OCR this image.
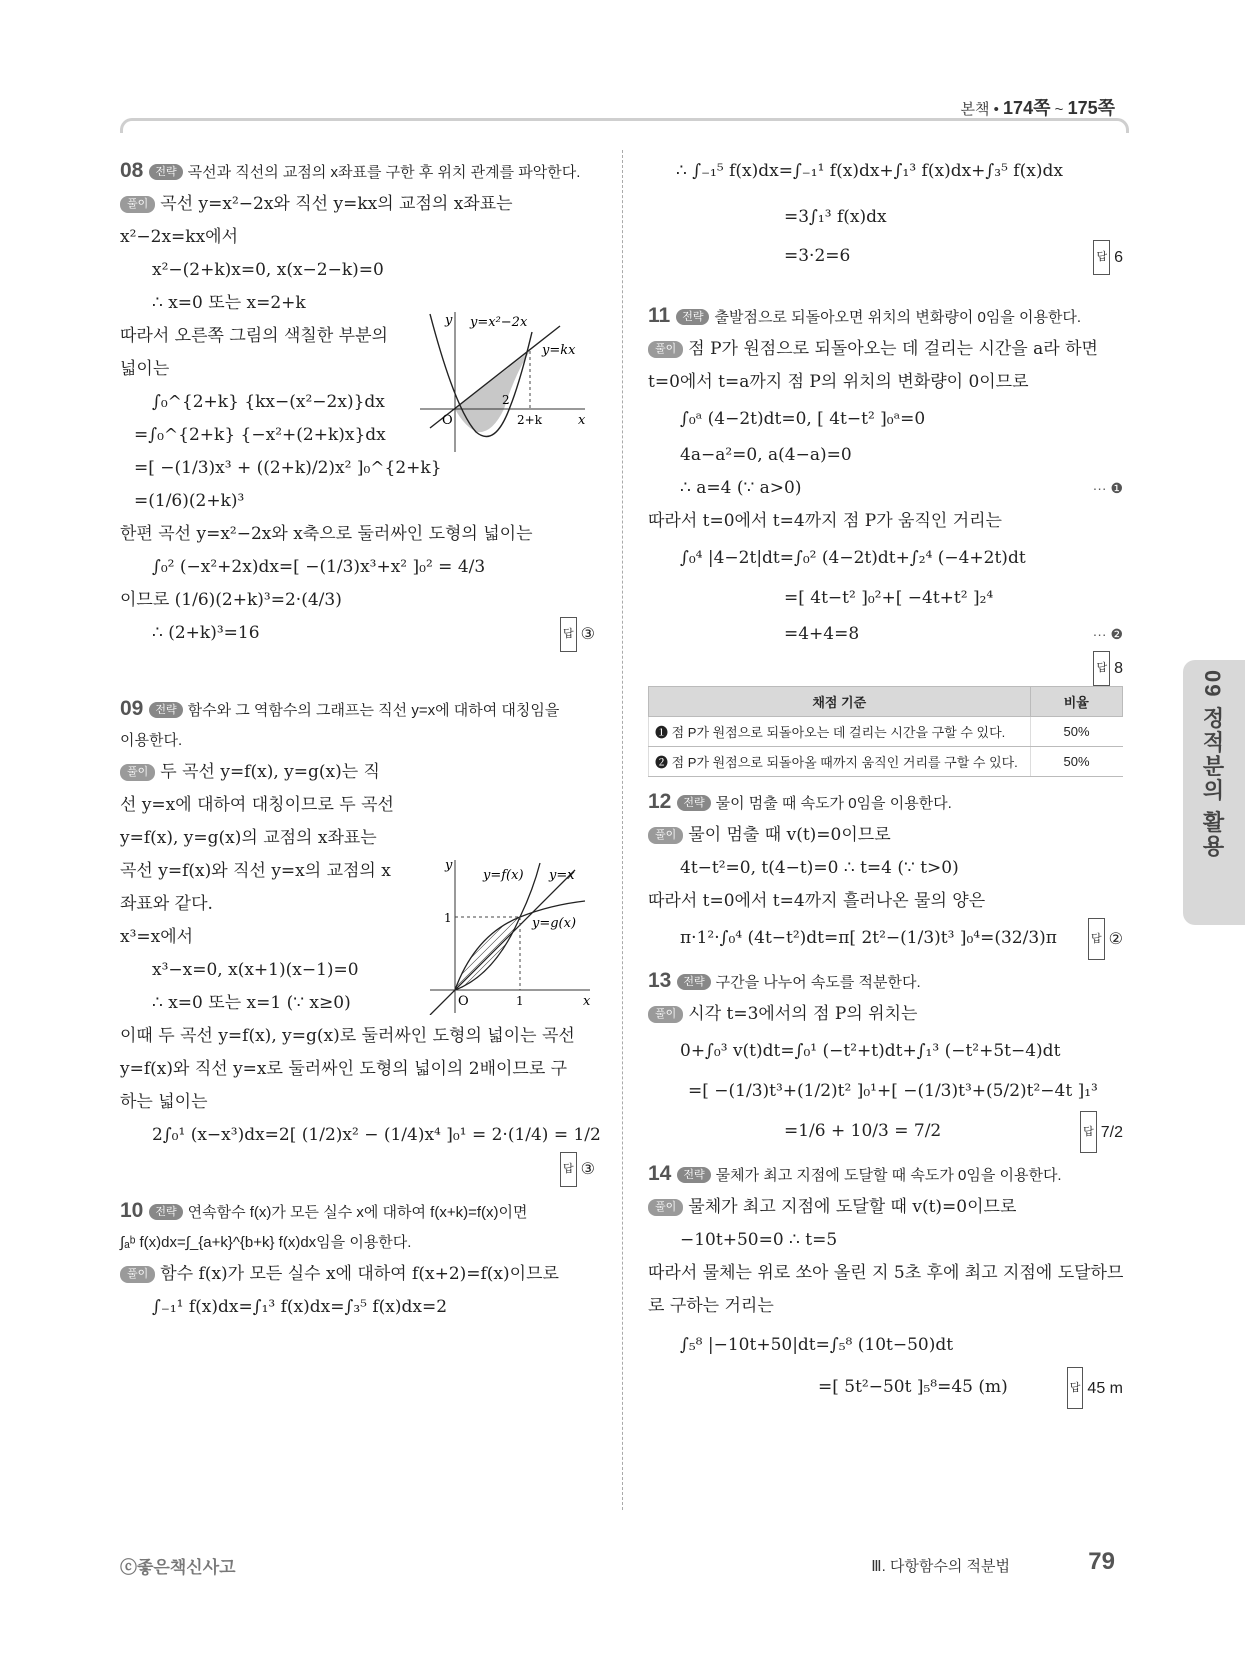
본책 • 174쪽 ~ 175쪽
08 전략 곡선과 직선의 교점의 x좌표를 구한 후 위치 관계를 파악한다.
풀이 곡선 y=x²−2x와 직선 y=kx의 교점의 x좌표는
x²−2x=kx에서
x²−(2+k)x=0, x(x−2−k)=0
∴ x=0 또는 x=2+k
따라서 오른쪽 그림의 색칠한 부분의
넓이는
∫₀^{2+k} {kx−(x²−2x)}dx
=∫₀^{2+k} {−x²+(2+k)x}dx
=[ −(1/3)x³ + ((2+k)/2)x² ]₀^{2+k}
=(1/6)(2+k)³
한편 곡선 y=x²−2x와 x축으로 둘러싸인 도형의 넓이는
∫₀² (−x²+2x)dx=[ −(1/3)x³+x² ]₀² = 4/3
이므로 (1/6)(2+k)³=2·(4/3)
∴ (2+k)³=16	답 ③
09 전략 함수와 그 역함수의 그래프는 직선 y=x에 대하여 대칭임을
이용한다.
풀이 두 곡선 y=f(x), y=g(x)는 직
선 y=x에 대하여 대칭이므로 두 곡선
y=f(x), y=g(x)의 교점의 x좌표는
곡선 y=f(x)와 직선 y=x의 교점의 x
좌표와 같다.
x³=x에서
x³−x=0, x(x+1)(x−1)=0
∴ x=0 또는 x=1 (∵ x≥0)
이때 두 곡선 y=f(x), y=g(x)로 둘러싸인 도형의 넓이는 곡선
y=f(x)와 직선 y=x로 둘러싸인 도형의 넓이의 2배이므로 구
하는 넓이는
2∫₀¹ (x−x³)dx=2[ (1/2)x² − (1/4)x⁴ ]₀¹ = 2·(1/4) = 1/2
답 ③
10 전략 연속함수 f(x)가 모든 실수 x에 대하여 f(x+k)=f(x)이면
∫ₐᵇ f(x)dx=∫_{a+k}^{b+k} f(x)dx임을 이용한다.
풀이 함수 f(x)가 모든 실수 x에 대하여 f(x+2)=f(x)이므로
∫₋₁¹ f(x)dx=∫₁³ f(x)dx=∫₃⁵ f(x)dx=2
y y=x²−2x
y=kx
O
2
2+k	x
y
y=f(x) y=x
y=g(x)
1
O	1	x
∴ ∫₋₁⁵ f(x)dx=∫₋₁¹ f(x)dx+∫₁³ f(x)dx+∫₃⁵ f(x)dx
=3∫₁³ f(x)dx
=3·2=6	답 6
11 전략 출발점으로 되돌아오면 위치의 변화량이 0임을 이용한다.
풀이 점 P가 원점으로 되돌아오는 데 걸리는 시간을 a라 하면
t=0에서 t=a까지 점 P의 위치의 변화량이 0이므로
∫₀ᵃ (4−2t)dt=0, [ 4t−t² ]₀ᵃ=0
4a−a²=0, a(4−a)=0
∴ a=4 (∵ a>0)	··· ❶
따라서 t=0에서 t=4까지 점 P가 움직인 거리는
∫₀⁴ |4−2t|dt=∫₀² (4−2t)dt+∫₂⁴ (−4+2t)dt
=[ 4t−t² ]₀²+[ −4t+t² ]₂⁴
=4+4=8	··· ❷
답 8
채점 기준	비율
❶ 점 P가 원점으로 되돌아오는 데 걸리는 시간을 구할 수 있다.	50%
❷ 점 P가 원점으로 되돌아올 때까지 움직인 거리를 구할 수 있다.	50%
12 전략 물이 멈출 때 속도가 0임을 이용한다.
풀이 물이 멈출 때 v(t)=0이므로
4t−t²=0, t(4−t)=0 ∴ t=4 (∵ t>0)
따라서 t=0에서 t=4까지 흘러나온 물의 양은
π·1²·∫₀⁴ (4t−t²)dt=π[ 2t²−(1/3)t³ ]₀⁴=(32/3)π	답 ②
13 전략 구간을 나누어 속도를 적분한다.
풀이 시각 t=3에서의 점 P의 위치는
0+∫₀³ v(t)dt=∫₀¹ (−t²+t)dt+∫₁³ (−t²+5t−4)dt
=[ −(1/3)t³+(1/2)t² ]₀¹+[ −(1/3)t³+(5/2)t²−4t ]₁³
=1/6 + 10/3 = 7/2	답 7/2
14 전략 물체가 최고 지점에 도달할 때 속도가 0임을 이용한다.
풀이 물체가 최고 지점에 도달할 때 v(t)=0이므로
−10t+50=0 ∴ t=5
따라서 물체는 위로 쏘아 올린 지 5초 후에 최고 지점에 도달하므
로 구하는 거리는
∫₅⁸ |−10t+50|dt=∫₅⁸ (10t−50)dt
=[ 5t²−50t ]₅⁸=45 (m)	답 45 m
09 정적분의 활용
ⓒ좋은책신사고	Ⅲ. 다항함수의 적분법	79
